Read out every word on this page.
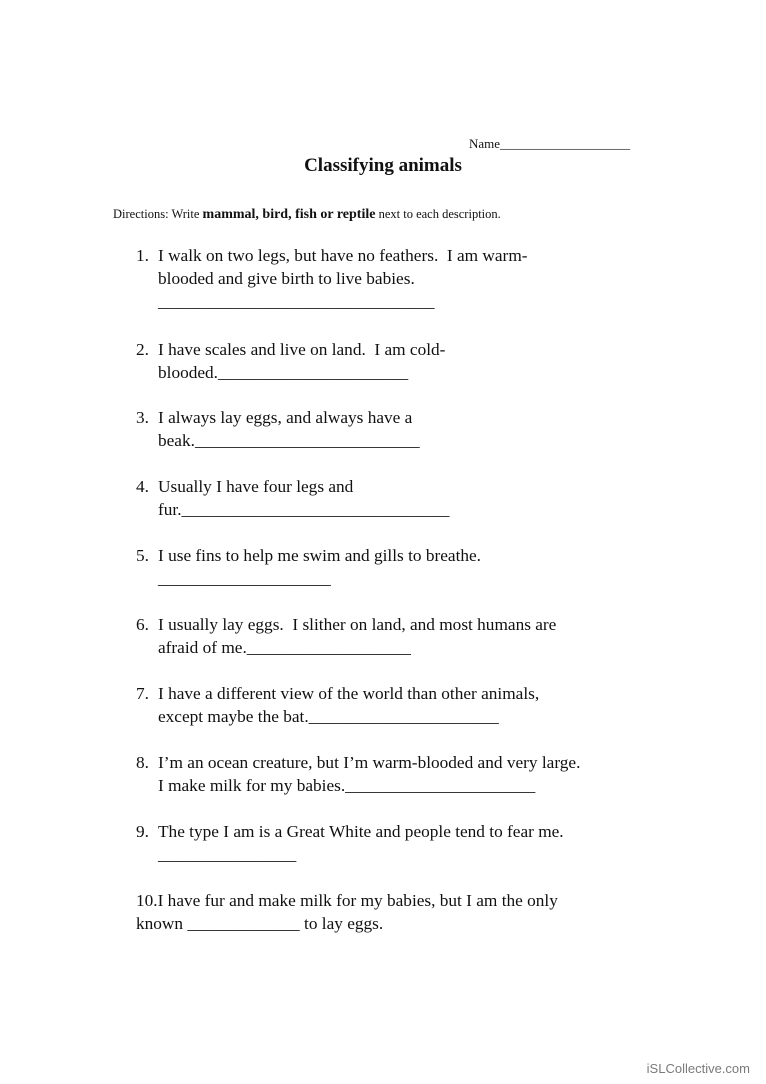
Name____________________
Classifying animals
Directions: Write mammal, bird, fish or reptile next to each description.
1. I walk on two legs, but have no feathers.  I am warm-
blooded and give birth to live babies.
________________________________
2. I have scales and live on land.  I am cold-
blooded.______________________
3. I always lay eggs, and always have a
beak.__________________________
4. Usually I have four legs and
fur._______________________________
5. I use fins to help me swim and gills to breathe.
____________________
6. I usually lay eggs.  I slither on land, and most humans are
afraid of me.___________________
7. I have a different view of the world than other animals,
except maybe the bat.______________________
8. I’m an ocean creature, but I’m warm-blooded and very large.
I make milk for my babies.______________________
9. The type I am is a Great White and people tend to fear me.
________________
10.I have fur and make milk for my babies, but I am the only
known _____________ to lay eggs.
iSLCollective.com
